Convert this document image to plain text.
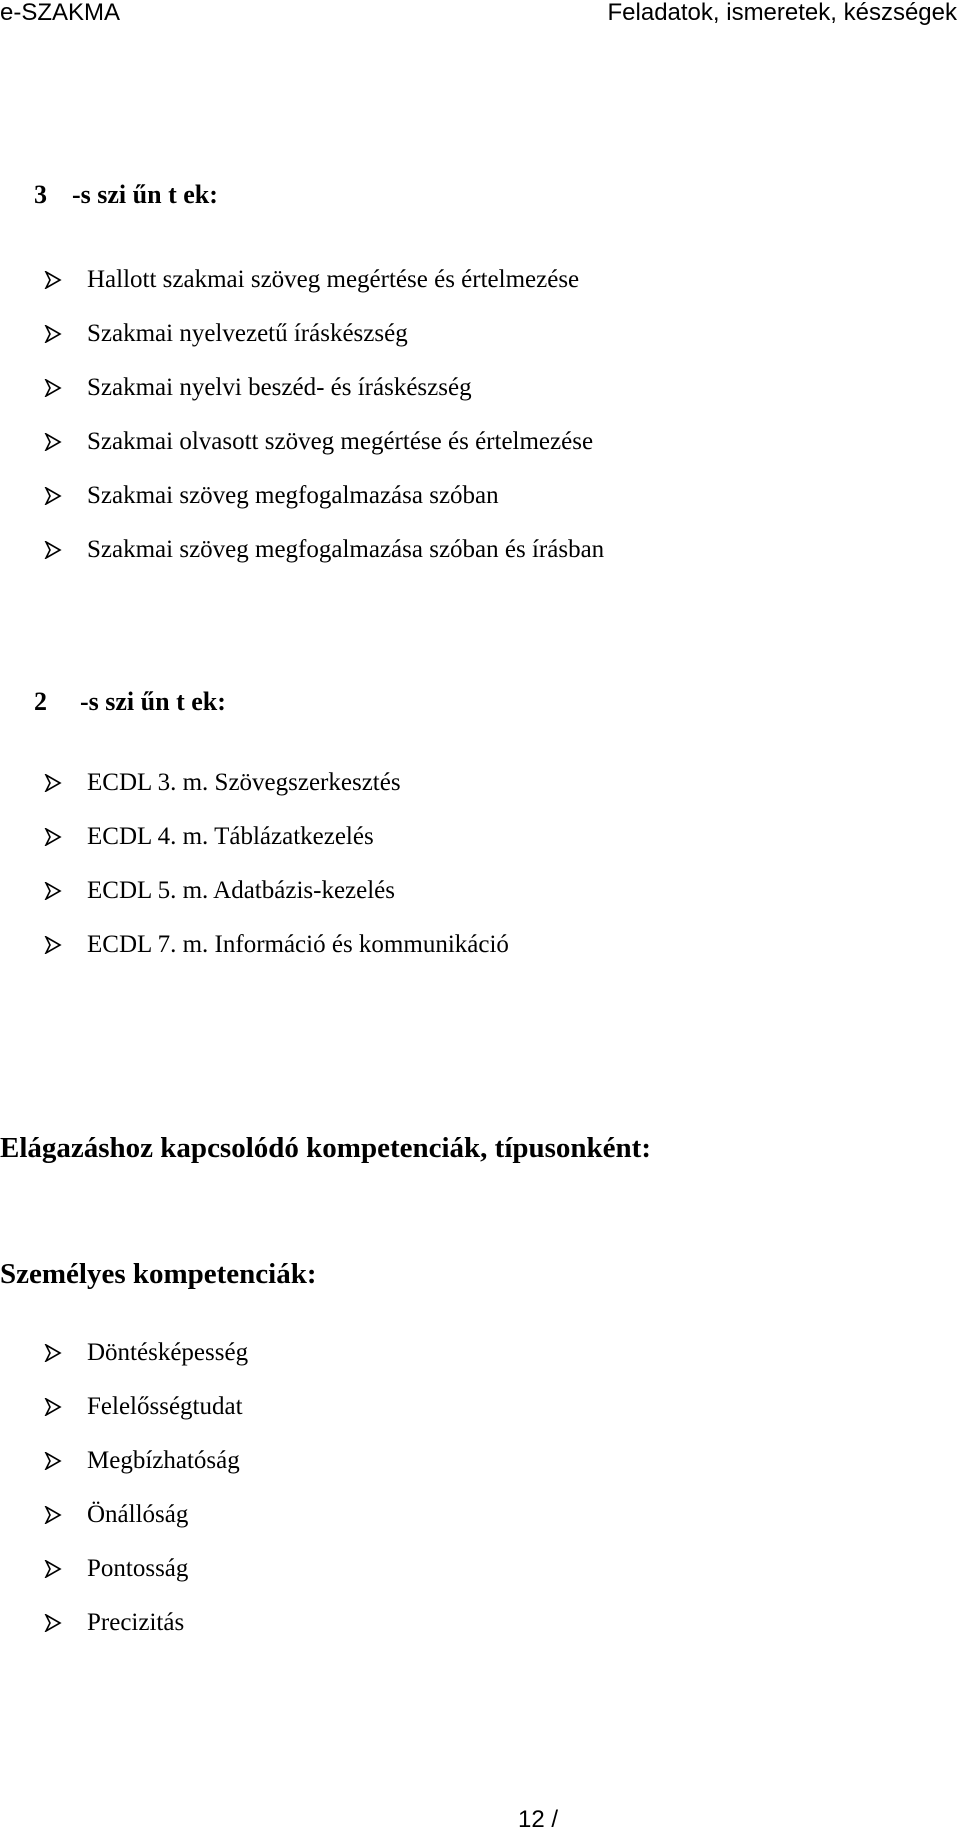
e-SZAKMA	Feladatok, ismeretek, készségek
3 -s szi űn t ek:
Hallott szakmai szöveg megértése és értelmezése
Szakmai nyelvezetű íráskészség
Szakmai nyelvi beszéd- és íráskészség
Szakmai olvasott szöveg megértése és értelmezése
Szakmai szöveg megfogalmazása szóban
Szakmai szöveg megfogalmazása szóban és írásban
2 -s szi űn t ek:
ECDL 3. m. Szövegszerkesztés
ECDL 4. m. Táblázatkezelés
ECDL 5. m. Adatbázis-kezelés
ECDL 7. m. Információ és kommunikáció
Elágazáshoz kapcsolódó kompetenciák, típusonként:
Személyes kompetenciák:
Döntésképesség
Felelősségtudat
Megbízhatóság
Önállóság
Pontosság
Precizitás
12 /
